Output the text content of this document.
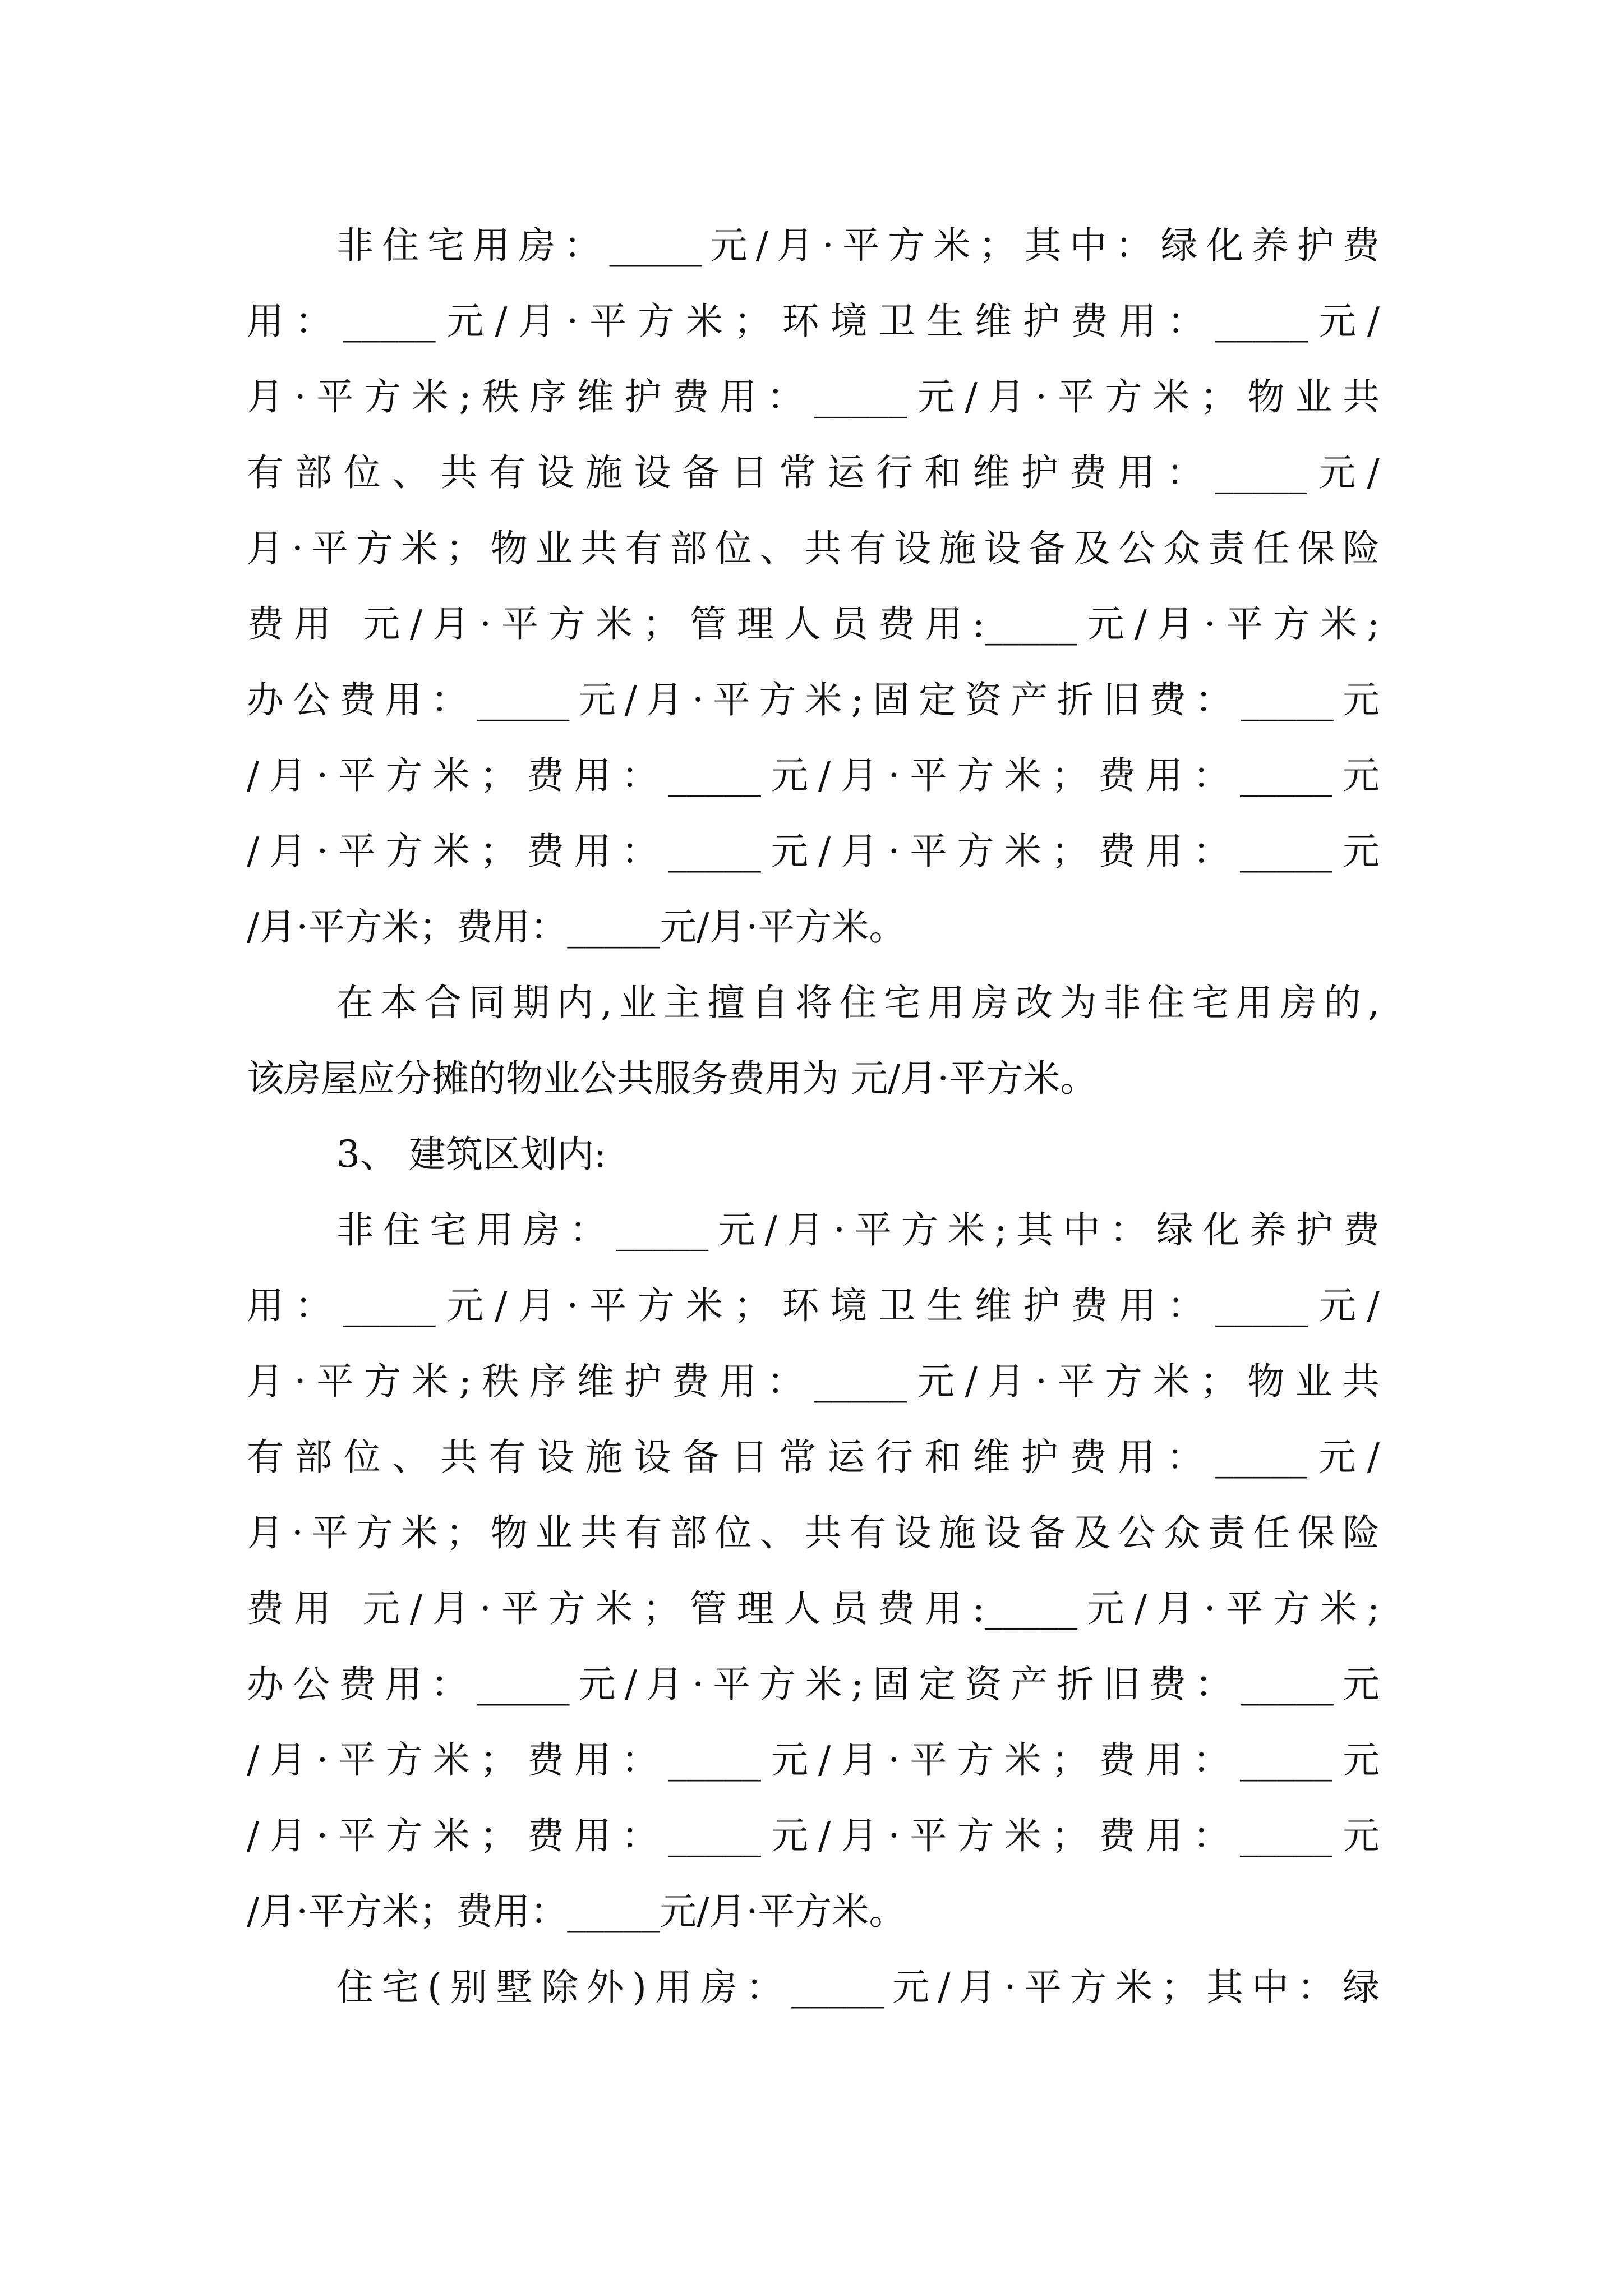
非住宅用房：_____元/月·平方米；其中：绿化养护费
用：_____元/月·平方米；环境卫生维护费用：_____元/
月·平方米;秩序维护费用：_____元/月·平方米；物业共
有部位、共有设施设备日常运行和维护费用：_____元/
月·平方米；物业共有部位、共有设施设备及公众责任保险
费用 元/月·平方米；管理人员费用:_____元/月·平方米;
办公费用：_____元/月·平方米;固定资产折旧费：_____元
/月·平方米；费用：_____元/月·平方米；费用：_____元
/月·平方米；费用：_____元/月·平方米；费用：_____元
/月·平方米；费用：_____元/月·平方米。
在本合同期内,业主擅自将住宅用房改为非住宅用房的,
该房屋应分摊的物业公共服务费用为 元/月·平方米。
3、 建筑区划内:
非住宅用房：_____元/月·平方米;其中：绿化养护费
用：_____元/月·平方米；环境卫生维护费用：_____元/
月·平方米;秩序维护费用：_____元/月·平方米；物业共
有部位、共有设施设备日常运行和维护费用：_____元/
月·平方米；物业共有部位、共有设施设备及公众责任保险
费用 元/月·平方米；管理人员费用:_____元/月·平方米;
办公费用：_____元/月·平方米;固定资产折旧费：_____元
/月·平方米；费用：_____元/月·平方米；费用：_____元
/月·平方米；费用：_____元/月·平方米；费用：_____元
/月·平方米；费用：_____元/月·平方米。
住宅(别墅除外)用房：_____元/月·平方米；其中：绿
